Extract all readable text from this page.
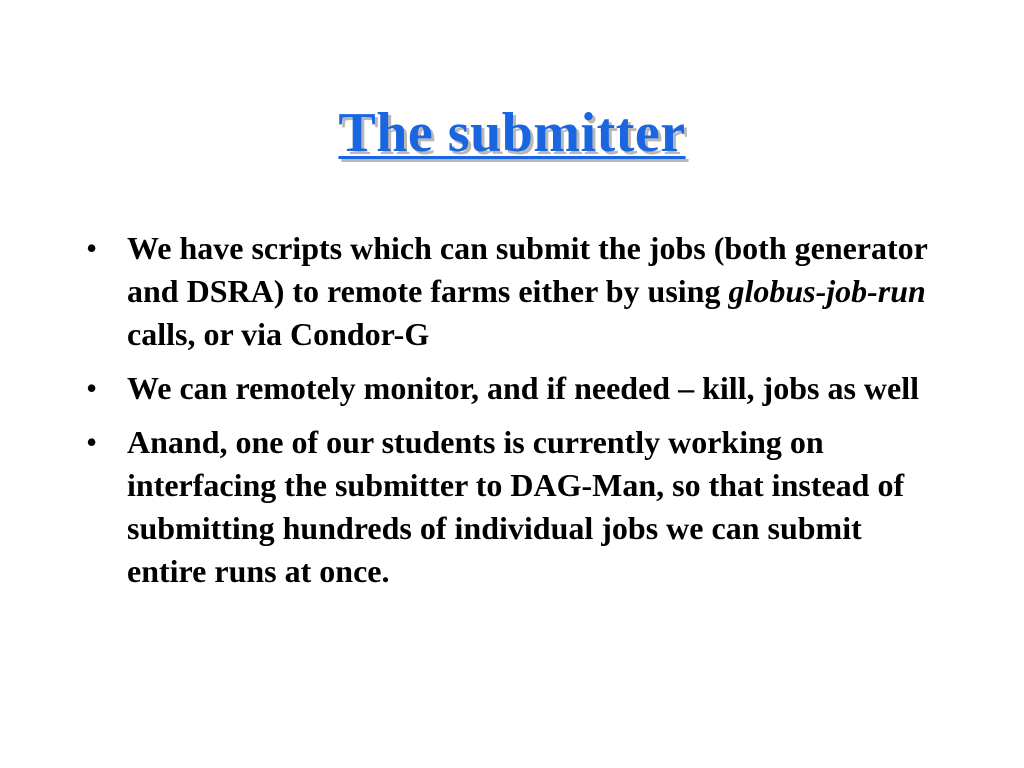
The submitter
• We have scripts which can submit the jobs (both generator and DSRA) to remote farms either by using globus-job-run calls, or via Condor-G
• We can remotely monitor, and if needed – kill, jobs as well
• Anand, one of our students is currently working on interfacing the submitter to DAG-Man, so that instead of submitting hundreds of individual jobs we can submit entire runs at once.
